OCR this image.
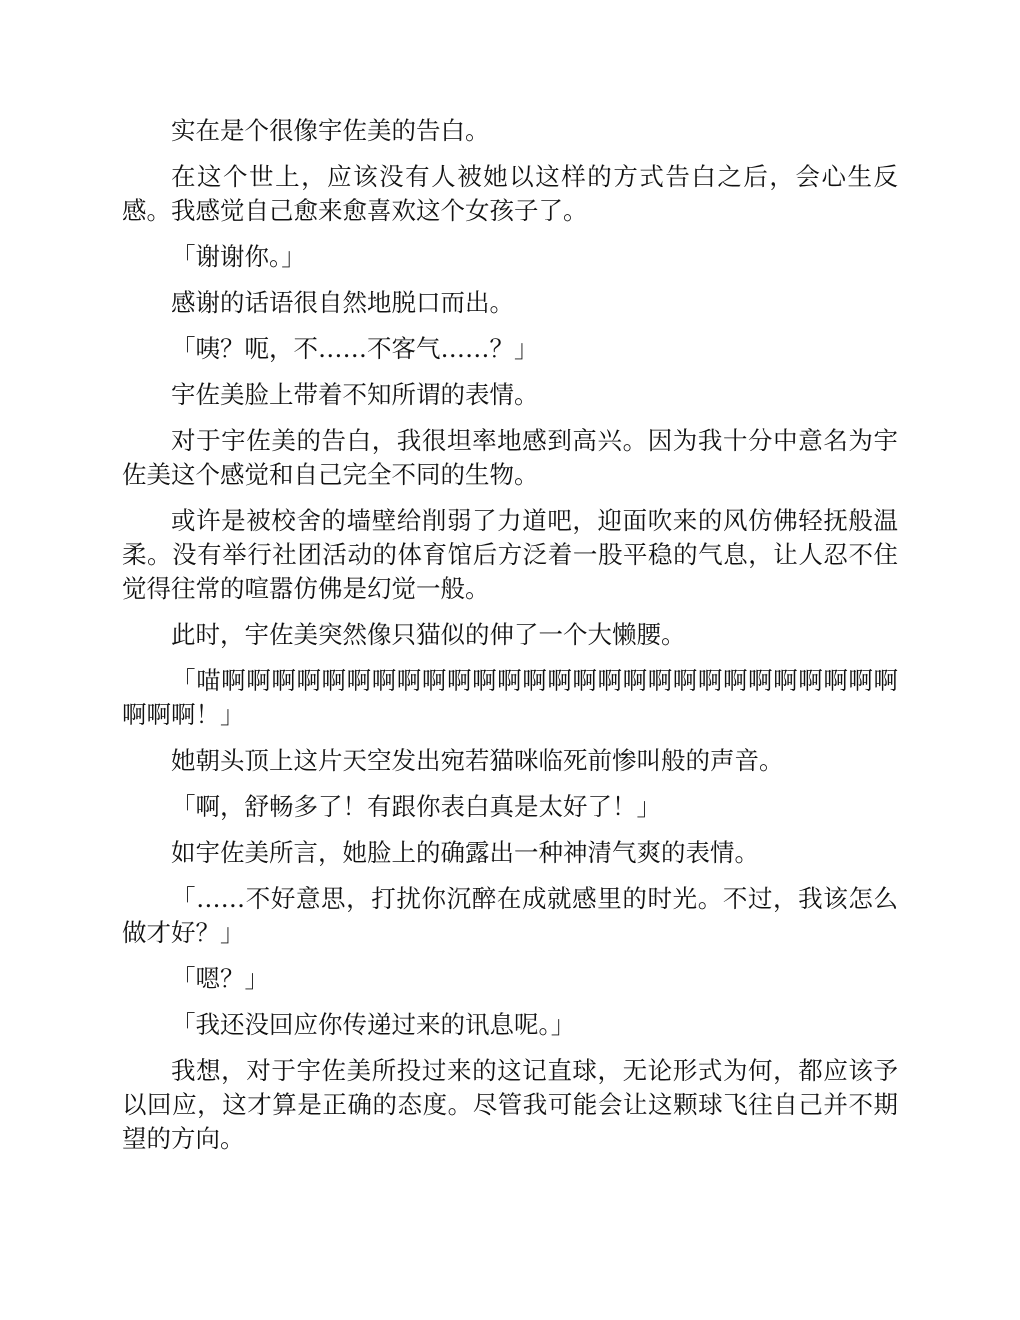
实在是个很像宇佐美的告白。

在这个世上，应该没有人被她以这样的方式告白之后，会心生反感。我感觉自己愈来愈喜欢这个女孩子了。

「谢谢你。」

感谢的话语很自然地脱口而出。

「咦？呃，不……不客气……？」

宇佐美脸上带着不知所谓的表情。

对于宇佐美的告白，我很坦率地感到高兴。因为我十分中意名为宇佐美这个感觉和自己完全不同的生物。

或许是被校舍的墙壁给削弱了力道吧，迎面吹来的风仿佛轻抚般温柔。没有举行社团活动的体育馆后方泛着一股平稳的气息，让人忍不住觉得往常的喧嚣仿佛是幻觉一般。

此时，宇佐美突然像只猫似的伸了一个大懒腰。

「喵啊啊啊啊啊啊啊啊啊啊啊啊啊啊啊啊啊啊啊啊啊啊啊啊啊啊啊啊啊啊！」

她朝头顶上这片天空发出宛若猫咪临死前惨叫般的声音。

「啊，舒畅多了！有跟你表白真是太好了！」

如宇佐美所言，她脸上的确露出一种神清气爽的表情。

「……不好意思，打扰你沉醉在成就感里的时光。不过，我该怎么做才好？」

「嗯？」

「我还没回应你传递过来的讯息呢。」

我想，对于宇佐美所投过来的这记直球，无论形式为何，都应该予以回应，这才算是正确的态度。尽管我可能会让这颗球飞往自己并不期望的方向。
